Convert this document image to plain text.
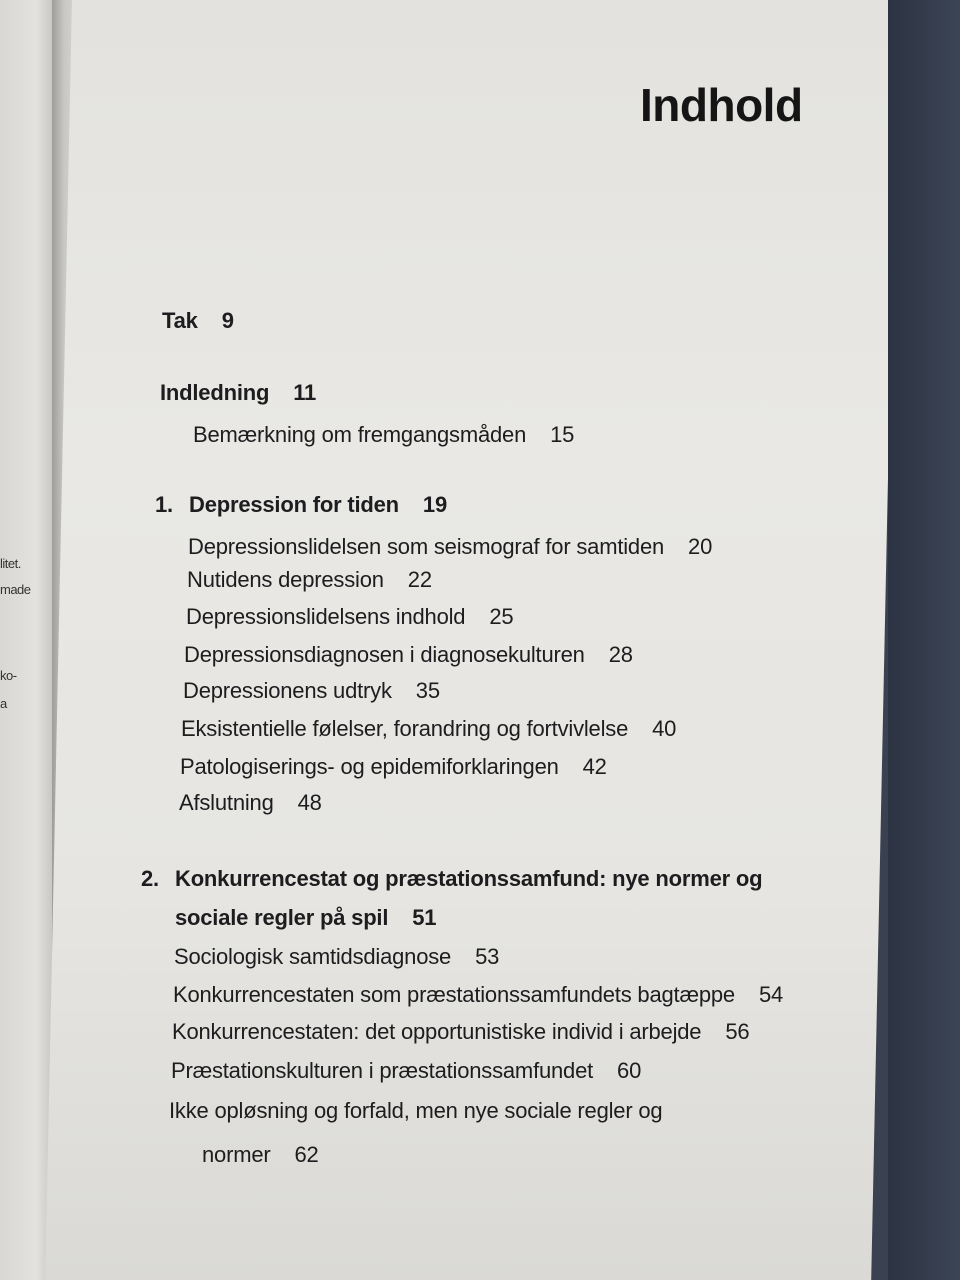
litet.
made
ko-
a
Indhold
Tak 9
Indledning 11
Bemærkning om fremgangsmåden 15
1. Depression for tiden 19
Depressionslidelsen som seismograf for samtiden 20
Nutidens depression 22
Depressionslidelsens indhold 25
Depressionsdiagnosen i diagnosekulturen 28
Depressionens udtryk 35
Eksistentielle følelser, forandring og fortvivlelse 40
Patologiserings- og epidemiforklaringen 42
Afslutning 48
2. Konkurrencestat og præstationssamfund: nye normer og
sociale regler på spil 51
Sociologisk samtidsdiagnose 53
Konkurrencestaten som præstationssamfundets bagtæppe 54
Konkurrencestaten: det opportunistiske individ i arbejde 56
Præstationskulturen i præstationssamfundet 60
Ikke opløsning og forfald, men nye sociale regler og
normer 62
